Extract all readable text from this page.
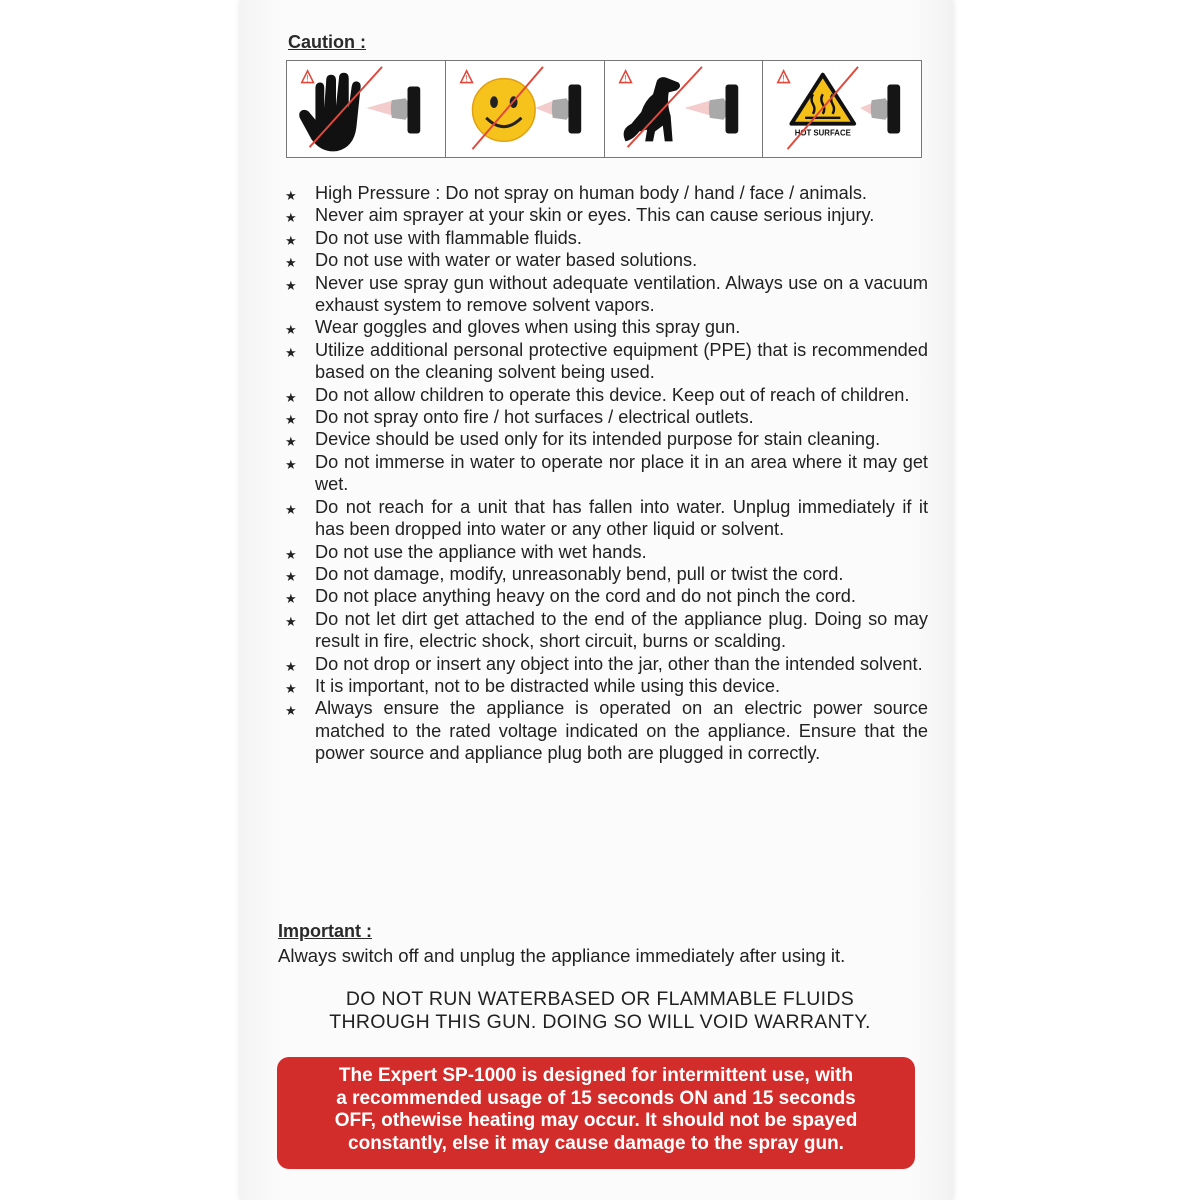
Caution :
!	!	!	!
HOT SURFACE
★ High Pressure : Do not spray on human body / hand / face / animals.
★ Never aim sprayer at your skin or eyes. This can cause serious injury.
★ Do not use with flammable fluids.
★ Do not use with water or water based solutions.
★ Never use spray gun without adequate ventilation. Always use on a vacuum exhaust system to remove solvent vapors.
★ Wear goggles and gloves when using this spray gun.
★ Utilize additional personal protective equipment (PPE) that is recommended based on the cleaning solvent being used.
★ Do not allow children to operate this device. Keep out of reach of children.
★ Do not spray onto fire / hot surfaces / electrical outlets.
★ Device should be used only for its intended purpose for stain cleaning.
★ Do not immerse in water to operate nor place it in an area where it may get wet.
★ Do not reach for a unit that has fallen into water. Unplug immediately if it has been dropped into water or any other liquid or solvent.
★ Do not use the appliance with wet hands.
★ Do not damage, modify, unreasonably bend, pull or twist the cord.
★ Do not place anything heavy on the cord and do not pinch the cord.
★ Do not let dirt get attached to the end of the appliance plug. Doing so may result in fire, electric shock, short circuit, burns or scalding.
★ Do not drop or insert any object into the jar, other than the intended solvent.
★ It is important, not to be distracted while using this device.
★ Always ensure the appliance is operated on an electric power source matched to the rated voltage indicated on the appliance. Ensure that the power source and appliance plug both are plugged in correctly.
Important :
Always switch off and unplug the appliance immediately after using it.
DO NOT RUN WATERBASED OR FLAMMABLE FLUIDS
THROUGH THIS GUN. DOING SO WILL VOID WARRANTY.
The Expert SP-1000 is designed for intermittent use, with
a recommended usage of 15 seconds ON and 15 seconds
OFF, othewise heating may occur. It should not be spayed
constantly, else it may cause damage to the spray gun.
